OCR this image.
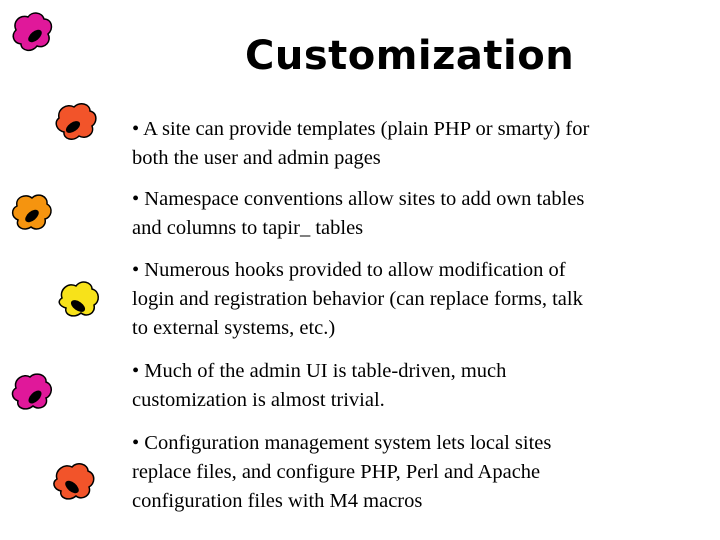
Customization
• A site can provide templates (plain PHP or smarty) for
both the user and admin pages
• Namespace conventions allow sites to add own tables
and columns to tapir_ tables
• Numerous hooks provided to allow modification of
login and registration behavior (can replace forms, talk
to external systems, etc.)
• Much of the admin UI is table-driven, much
customization is almost trivial.
• Configuration management system lets local sites
replace files, and configure PHP, Perl and Apache
configuration files with M4 macros
